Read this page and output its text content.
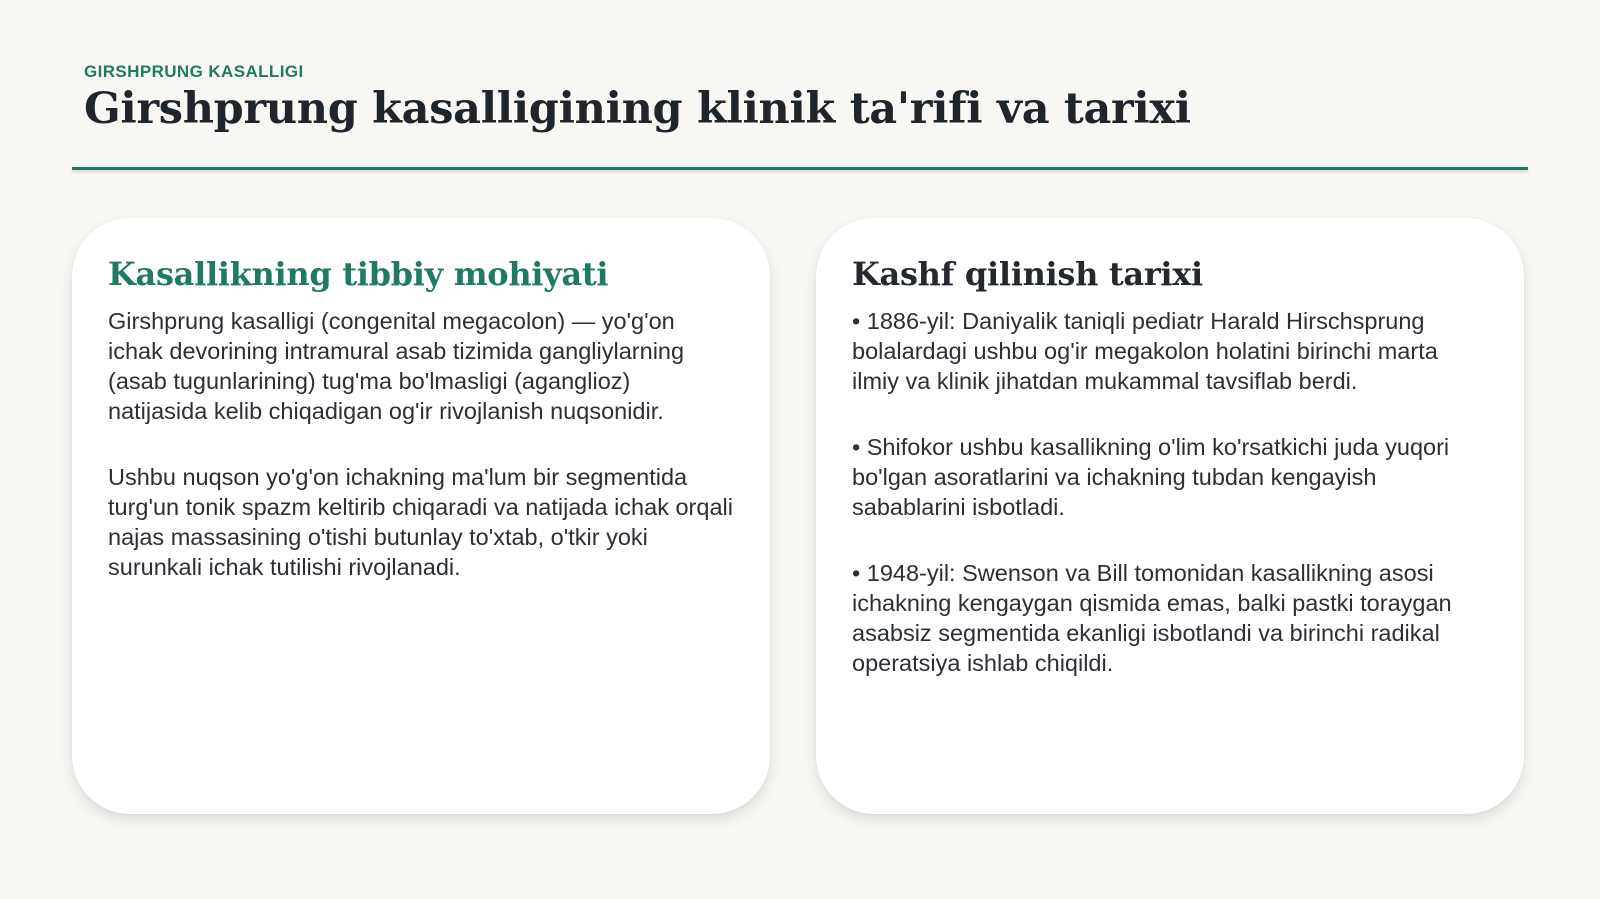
GIRSHPRUNG KASALLIGI
Girshprung kasalligining klinik ta'rifi va tarixi
Kasallikning tibbiy mohiyati

Girshprung kasalligi (congenital megacolon) — yo'g'on ichak devorining intramural asab tizimida gangliylarning (asab tugunlarining) tug'ma bo'lmasligi (aganglioz) natijasida kelib chiqadigan og'ir rivojlanish nuqsonidir.

Ushbu nuqson yo'g'on ichakning ma'lum bir segmentida turg'un tonik spazm keltirib chiqaradi va natijada ichak orqali najas massasining o'tishi butunlay to'xtab, o'tkir yoki surunkali ichak tutilishi rivojlanadi.

Kashf qilinish tarixi

• 1886-yil: Daniyalik taniqli pediatr Harald Hirschsprung bolalardagi ushbu og'ir megakolon holatini birinchi marta ilmiy va klinik jihatdan mukammal tavsiflab berdi.

• Shifokor ushbu kasallikning o'lim ko'rsatkichi juda yuqori bo'lgan asoratlarini va ichakning tubdan kengayish sabablarini isbotladi.

• 1948-yil: Swenson va Bill tomonidan kasallikning asosi ichakning kengaygan qismida emas, balki pastki toraygan asabsiz segmentida ekanligi isbotlandi va birinchi radikal operatsiya ishlab chiqildi.
